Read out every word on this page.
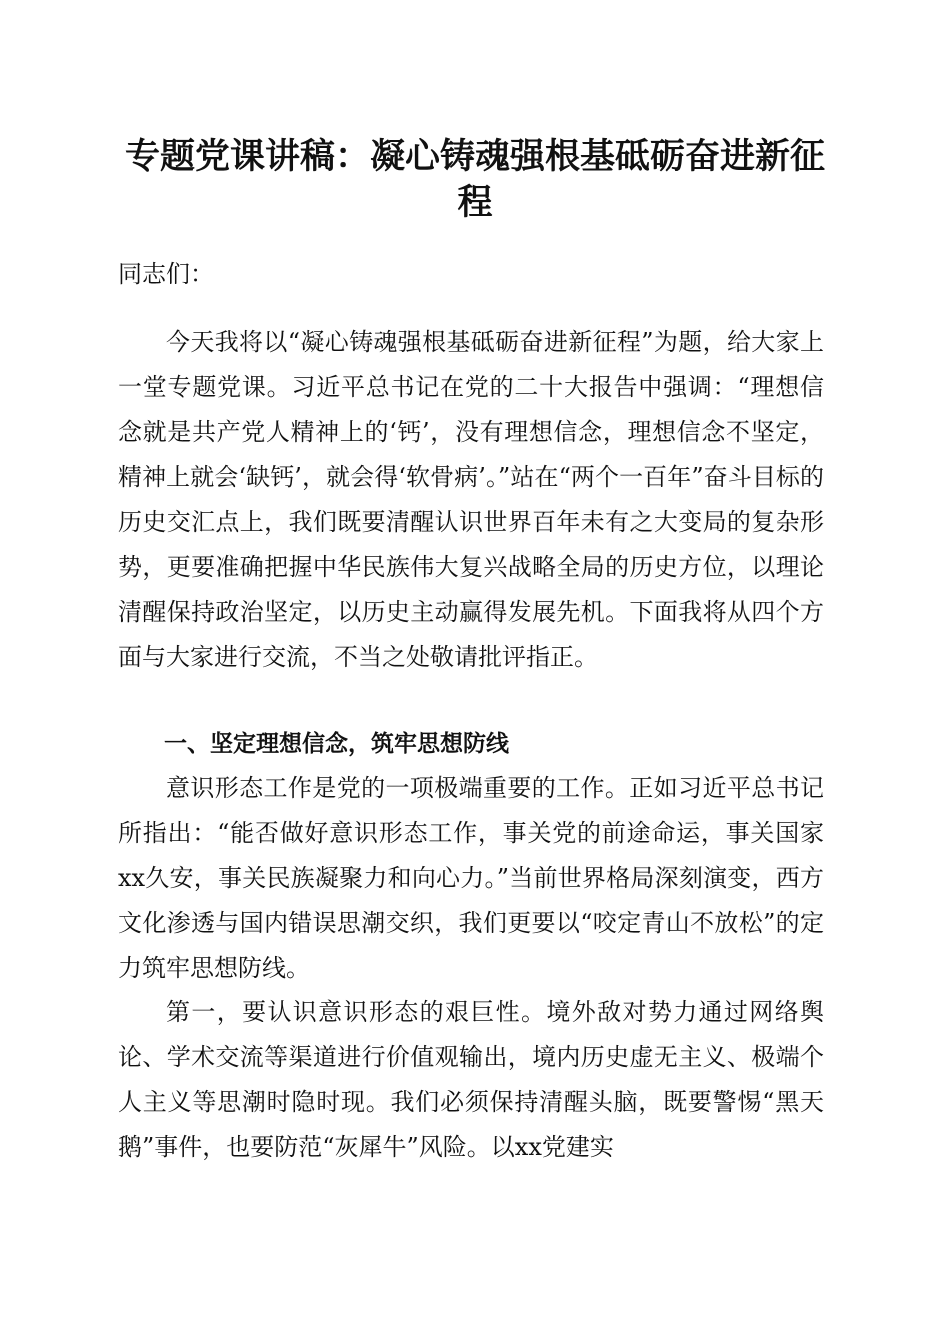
专题党课讲稿：凝心铸魂强根基砥砺奋进新征程

同志们：

今天我将以“凝心铸魂强根基砥砺奋进新征程”为题，给大家上一堂专题党课。习近平总书记在党的二十大报告中强调：“理想信念就是共产党人精神上的‘钙’，没有理想信念，理想信念不坚定，精神上就会‘缺钙’，就会得‘软骨病’。”站在“两个一百年”奋斗目标的历史交汇点上，我们既要清醒认识世界百年未有之大变局的复杂形势，更要准确把握中华民族伟大复兴战略全局的历史方位，以理论清醒保持政治坚定，以历史主动赢得发展先机。下面我将从四个方面与大家进行交流，不当之处敬请批评指正。

一、坚定理想信念，筑牢思想防线

意识形态工作是党的一项极端重要的工作。正如习近平总书记所指出：“能否做好意识形态工作，事关党的前途命运，事关国家xx久安，事关民族凝聚力和向心力。”当前世界格局深刻演变，西方文化渗透与国内错误思潮交织，我们更要以“咬定青山不放松”的定力筑牢思想防线。

第一，要认识意识形态的艰巨性。境外敌对势力通过网络舆论、学术交流等渠道进行价值观输出，境内历史虚无主义、极端个人主义等思潮时隐时现。我们必须保持清醒头脑，既要警惕“黑天鹅”事件，也要防范“灰犀牛”风险。以xx党建实
